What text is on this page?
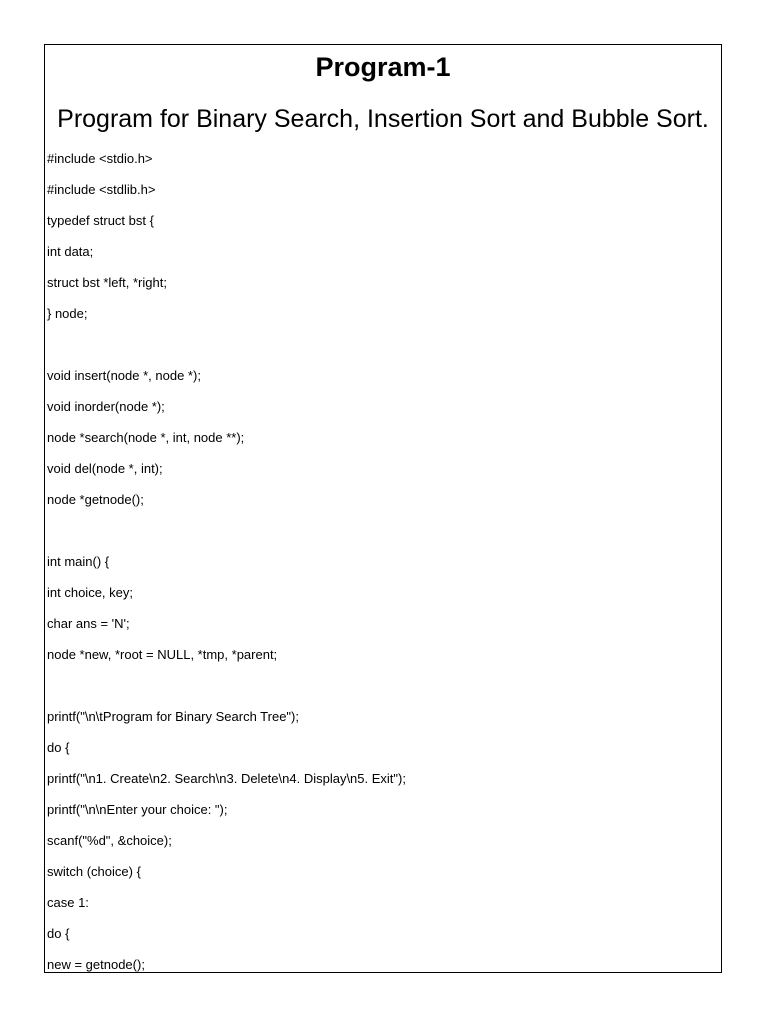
Program-1
Program for Binary Search, Insertion Sort and Bubble Sort.
#include <stdio.h>
#include <stdlib.h>
typedef struct bst {
int data;
struct bst *left, *right;
} node;
void insert(node *, node *);
void inorder(node *);
node *search(node *, int, node **);
void del(node *, int);
node *getnode();
int main() {
int choice, key;
char ans = 'N';
node *new, *root = NULL, *tmp, *parent;
printf("\n\tProgram for Binary Search Tree");
do {
printf("\n1. Create\n2. Search\n3. Delete\n4. Display\n5. Exit");
printf("\n\nEnter your choice: ");
scanf("%d", &choice);
switch (choice) {
case 1:
do {
new = getnode();
